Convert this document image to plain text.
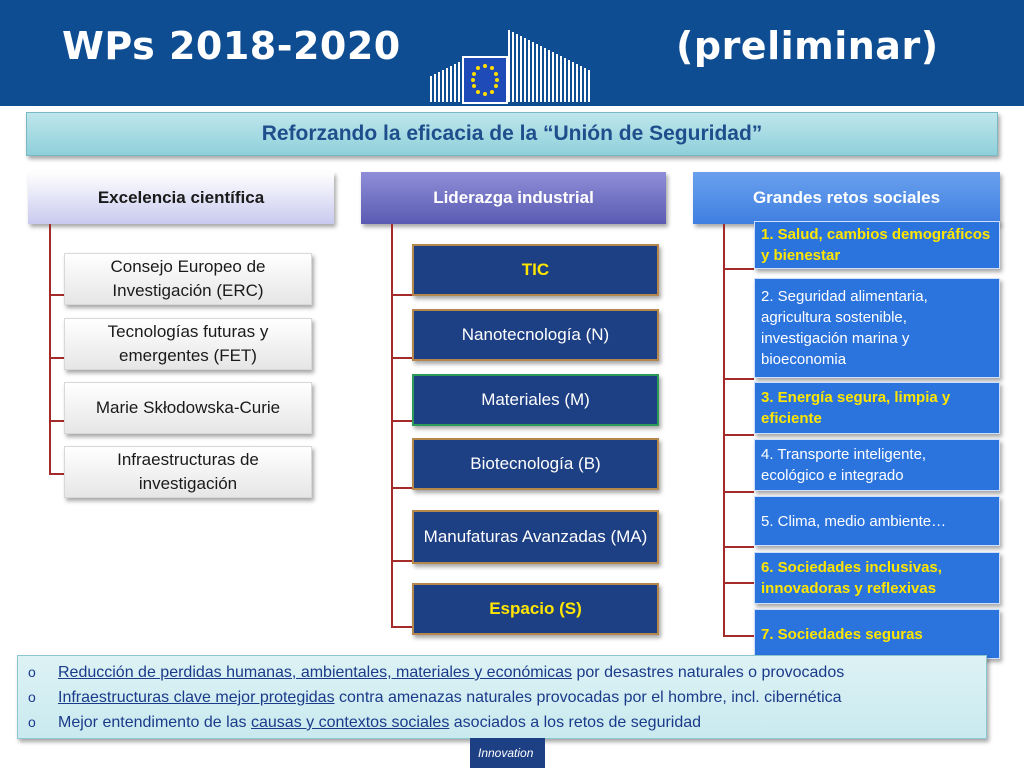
WPs 2018-2020	(preliminar)
Reforzando la eficacia de la “Unión de Seguridad”
Excelencia científica	Liderazga industrial	Grandes retos sociales
Consejo Europeo de Investigación (ERC)
Tecnologías futuras y emergentes (FET)
Marie Skłodowska-Curie
Infraestructuras de investigación
TIC
Nanotecnología (N)
Materiales (M)
Biotecnología (B)
Manufaturas Avanzadas (MA)
Espacio (S)
1. Salud, cambios demográficos y bienestar
2. Seguridad alimentaria, agricultura sostenible, investigación marina y bioeconomia
3. Energía segura, limpia y eficiente
4. Transporte inteligente, ecológico e integrado
5. Clima, medio ambiente…
6. Sociedades inclusivas, innovadoras y reflexivas
7. Sociedades seguras
o	Reducción de perdidas humanas, ambientales, materiales y económicas por desastres naturales o provocados
o	Infraestructuras clave mejor protegidas contra amenazas naturales provocadas por el hombre, incl. cibernética
o	Mejor entendimento de las causas y contextos sociales asociados a los retos de seguridad
Innovation
